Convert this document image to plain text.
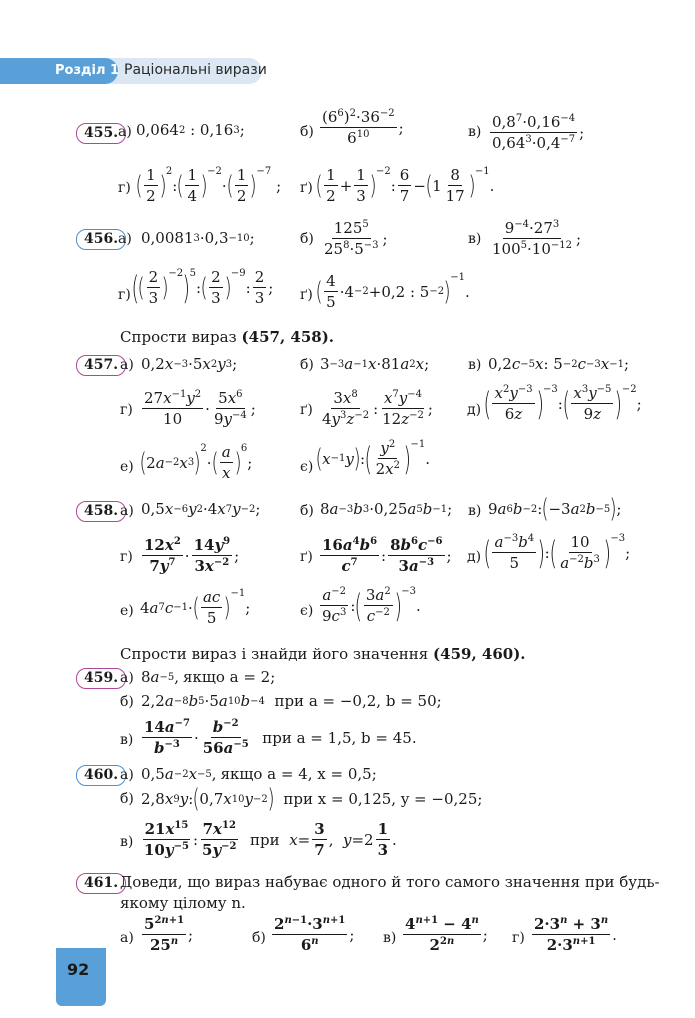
Розділ 1 Раціональні вирази
455. а) 0,064 2 : 0,16 3 ;	б)
$(6^6)^2\cdot 36^{-2}$
$6^{10}$ ;	в)
$0,8^7\cdot 0,16^{-4}$
$0,64^3\cdot 0,4^{-7}$ ;
г) ( 1
2 )$^2$
: ( 1
4 )$^{-2}$
· ( 1
2 )$^{-7}$
; ґ) ( 1
2
+
1
3 )$^{-2}$
:
6
7
− ( 1
8
17 )$^{-1}$
.
456. а) 0,0081 3 ·0,3 −10 ;	б)
$125^5$
$25^8\cdot 5^{-3}$ ;	в)
$9^{-4}\cdot 27^3$
$100^5\cdot 10^{-12}$ ;
г) ( ( 2
3 )$^{-2}$ )$^5$
: ( 2
3 )$^{-9}$
:
2
3
; ґ) ( 4
5
·4 −2 +0,2 : 5 −2 )$^{-1}$
.
Спрости вираз (457, 458).
457. а) 0,2 x −3 ·5 x 2 y 3 ;	б) 3 −3 a −1 x ·81 a 2 x ;	в) 0,2 c −5 x : 5 −2 c −3 x −1 ;
г)
$27x^{-1}y^2$
10
·
$5x^6$
$9y^{-4}$ ;	ґ)
$3x^8$
$4y^3z^{-2}$ :
$x^7y^{-4}$
$12z^{-2}$ ; д) ( $x^2y^{-3}$
6z )$^{-3}$
: ( $x^3y^{-5}$
9z )$^{-2}$
;
е) ( 2 a −2 x 3 )$^2$
· ( a
x )$^6$
;	є) ( x −1 y ) : ( $y^2$
$2x^2$ )$^{-1}$
.
458. а) 0,5 x −6 y 2 ·4 x 7 y −2 ;	б) 8 a −3 b 3 ·0,25 a 5 b −1 ; в) 9 a 6 b −2 : ( −3 a 2 b −5 ) ;
г)
$12x^2$
$7y^7$ ·
$14y^9$
$3x^{-2}$ ;	ґ)
$16a^4b^6$
$c^7$ :
$8b^6c^{-6}$
$3a^{-3}$ ; д) ( $a^{-3}b^4$
5 ) : ( 10
$a^{-2}b^3$ )$^{-3}$
;
е) 4 a 7 c −1 · ( ac
5 )$^{-1}$
;	є)
$a^{-2}$
$9c^3$ : ( $3a^2$
$c^{-2}$ )$^{-3}$
.
Спрости вираз і знайди його значення (459, 460).
459. а) 8 a −5 , якщо a = 2;
б) 2,2 a −8 b 5 ·5 a 10 b −4
при a = −0,2, b = 50;
в)
$14a^{-7}$
$b^{-3}$ ·
$b^{-2}$
$56a^{-5}$
при a = 1,5, b = 45.
460. а) 0,5 a −2 x −5 , якщо a = 4, x = 0,5;
б) 2,8 x 9 y : ( 0,7 x 10 y −2 )
при x = 0,125, y = −0,25;
в)
$21x^{15}$
$10y^{-5}$ :
$7x^{12}$
$5y^{-2}$
при
x =
3
7
, y =2
1
3
.
461. Доведи, що вираз набуває одного й того самого значення при будь-
якому цілому n.
а)
$5^{2n+1}$
25$^n$ ;	б)
$2^{n-1}\cdot 3^{n+1}$
6$^n$ ; в)
$4^{n+1} - 4^n$
$2^{2n}$ ; г)
$2\cdot 3^n + 3^n$
$2\cdot 3^{n+1}$ .
92
